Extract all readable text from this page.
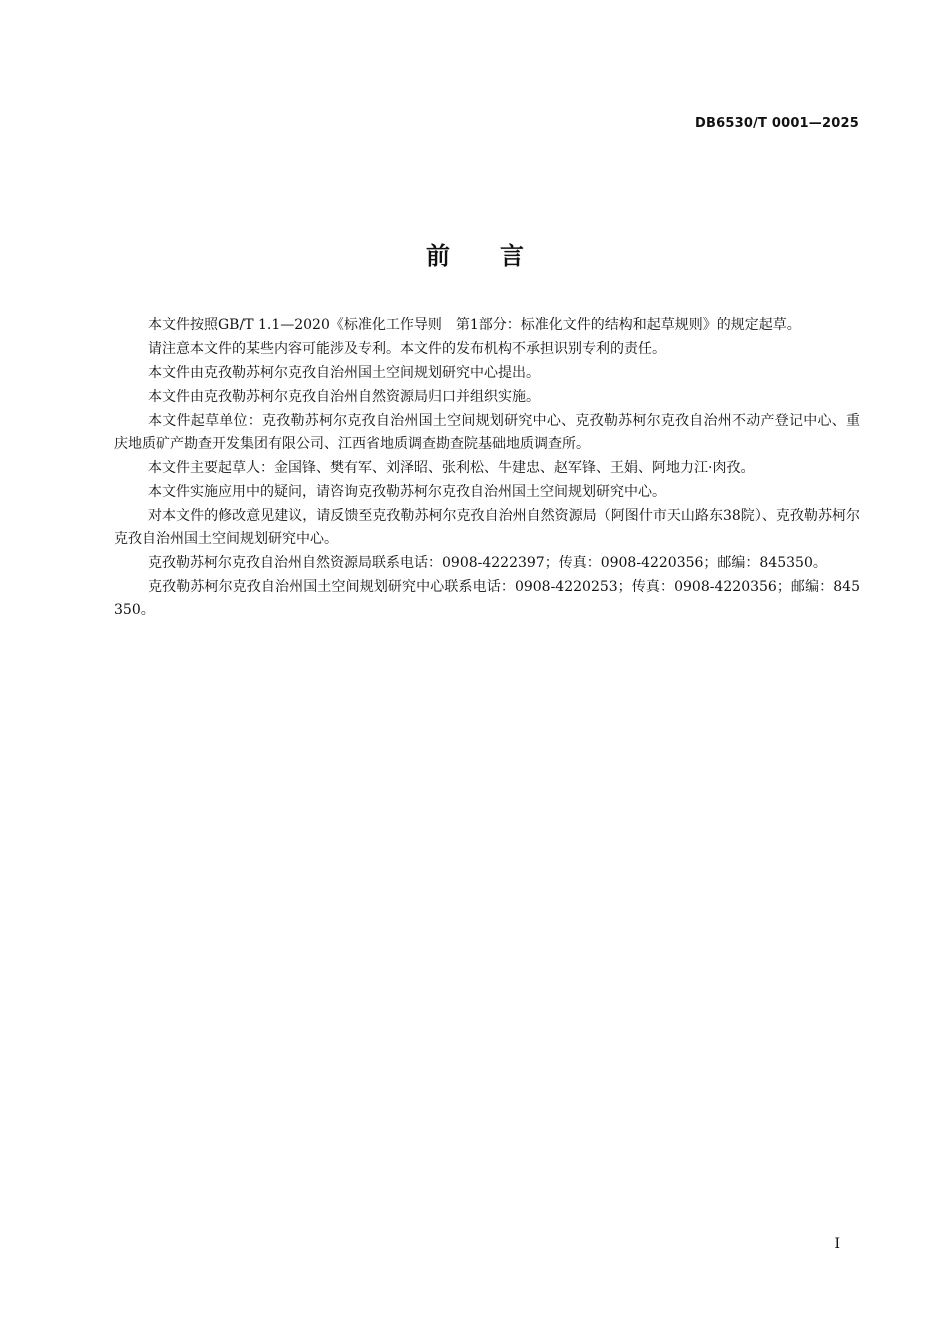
DB6530/T 0001—2025
前 言

本文件按照GB/T 1.1—2020《标准化工作导则　第1部分：标准化文件的结构和起草规则》的规定起草。

请注意本文件的某些内容可能涉及专利。本文件的发布机构不承担识别专利的责任。

本文件由克孜勒苏柯尔克孜自治州国土空间规划研究中心提出。

本文件由克孜勒苏柯尔克孜自治州自然资源局归口并组织实施。

本文件起草单位：克孜勒苏柯尔克孜自治州国土空间规划研究中心、克孜勒苏柯尔克孜自治州不动产登记中心、重庆地质矿产勘查开发集团有限公司、江西省地质调查勘查院基础地质调查所。

本文件主要起草人：金国锋、樊有军、刘泽昭、张利松、牛建忠、赵军锋、王娟、阿地力江·肉孜。

本文件实施应用中的疑问，请咨询克孜勒苏柯尔克孜自治州国土空间规划研究中心。

对本文件的修改意见建议，请反馈至克孜勒苏柯尔克孜自治州自然资源局（阿图什市天山路东38院）、克孜勒苏柯尔克孜自治州国土空间规划研究中心。

克孜勒苏柯尔克孜自治州自然资源局联系电话：0908-4222397；传真：0908-4220356；邮编：845350。

克孜勒苏柯尔克孜自治州国土空间规划研究中心联系电话：0908-4220253；传真：0908-4220356；邮编：845350。

I
